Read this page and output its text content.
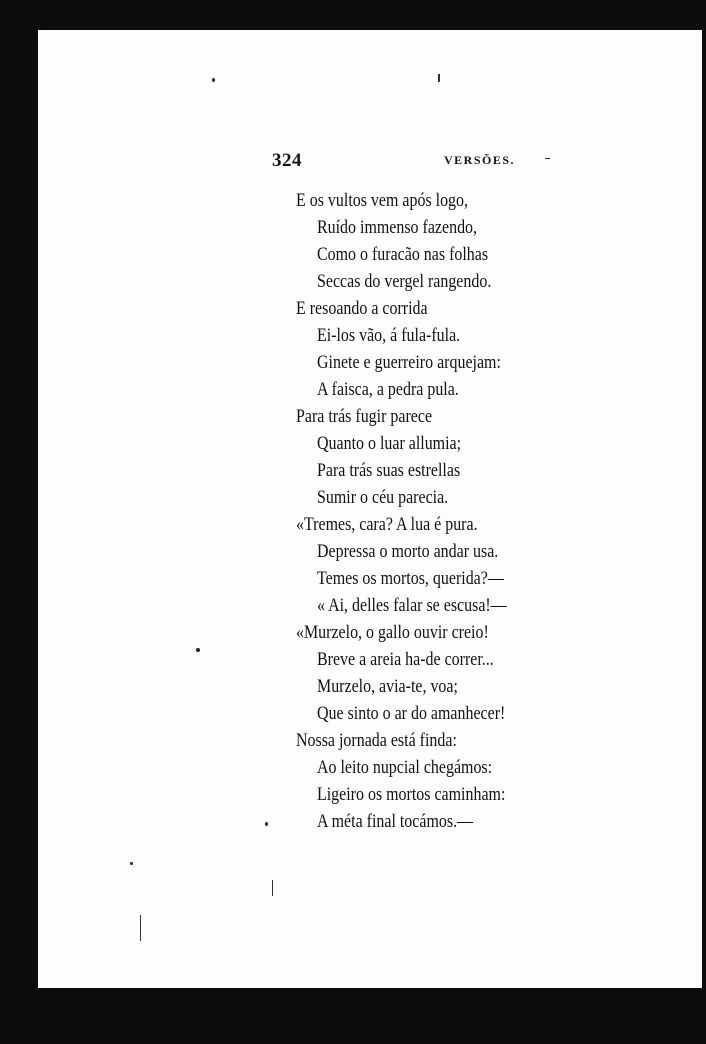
324	VERSÕES.
E os vultos vem após logo,
Ruído immenso fazendo,
Como o furacão nas folhas
Seccas do vergel rangendo.
E resoando a corrida
Ei-los vão, á fula-fula.
Ginete e guerreiro arquejam:
A faisca, a pedra pula.
Para trás fugir parece
Quanto o luar allumia;
Para trás suas estrellas
Sumir o céu parecia.
«Tremes, cara? A lua é pura.
Depressa o morto andar usa.
Temes os mortos, querida?—
« Ai, delles falar se escusa!—
«Murzelo, o gallo ouvir creio!
Breve a areia ha-de correr...
Murzelo, avia-te, voa;
Que sinto o ar do amanhecer!
Nossa jornada está finda:
Ao leito nupcial chegámos:
Ligeiro os mortos caminham:
A méta final tocámos.—
